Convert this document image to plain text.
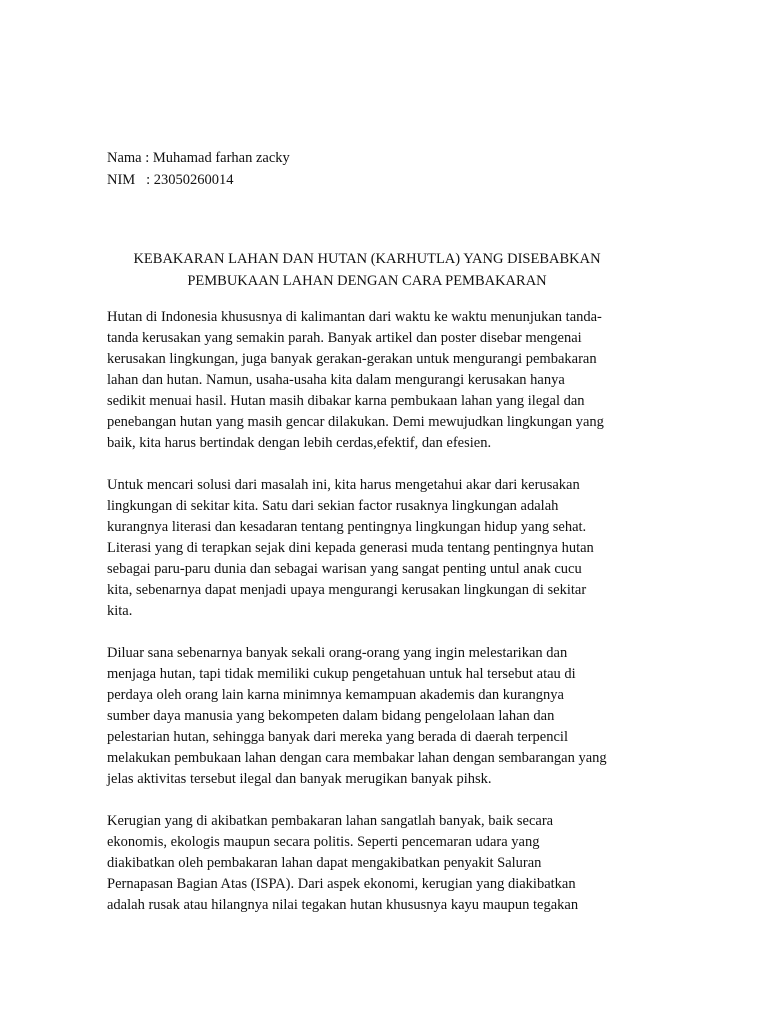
Nama : Muhamad farhan zacky
NIM   : 23050260014
KEBAKARAN LAHAN DAN HUTAN (KARHUTLA) YANG DISEBABKAN
PEMBUKAAN LAHAN DENGAN CARA PEMBAKARAN

Hutan di Indonesia khususnya di kalimantan dari waktu ke waktu menunjukan tanda-
tanda kerusakan yang semakin parah. Banyak artikel dan poster disebar mengenai
kerusakan lingkungan, juga banyak gerakan-gerakan untuk mengurangi pembakaran
lahan dan hutan. Namun, usaha-usaha kita dalam mengurangi kerusakan hanya
sedikit menuai hasil. Hutan masih dibakar karna pembukaan lahan yang ilegal dan
penebangan hutan yang masih gencar dilakukan. Demi mewujudkan lingkungan yang
baik, kita harus bertindak dengan lebih cerdas,efektif, dan efesien.

Untuk mencari solusi dari masalah ini, kita harus mengetahui akar dari kerusakan
lingkungan di sekitar kita. Satu dari sekian factor rusaknya lingkungan adalah
kurangnya literasi dan kesadaran tentang pentingnya lingkungan hidup yang sehat.
Literasi yang di terapkan sejak dini kepada generasi muda tentang pentingnya hutan
sebagai paru-paru dunia dan sebagai warisan yang sangat penting untul anak cucu
kita, sebenarnya dapat menjadi upaya mengurangi kerusakan lingkungan di sekitar
kita.

Diluar sana sebenarnya banyak sekali orang-orang yang ingin melestarikan dan
menjaga hutan, tapi tidak memiliki cukup pengetahuan untuk hal tersebut atau di
perdaya oleh orang lain karna minimnya kemampuan akademis dan kurangnya
sumber daya manusia yang bekompeten dalam bidang pengelolaan lahan dan
pelestarian hutan, sehingga banyak dari mereka yang berada di daerah terpencil
melakukan pembukaan lahan dengan cara membakar lahan dengan sembarangan yang
jelas aktivitas tersebut ilegal dan banyak merugikan banyak pihsk.

Kerugian yang di akibatkan pembakaran lahan sangatlah banyak, baik secara
ekonomis, ekologis maupun secara politis. Seperti pencemaran udara yang
diakibatkan oleh pembakaran lahan dapat mengakibatkan penyakit Saluran
Pernapasan Bagian Atas (ISPA). Dari aspek ekonomi, kerugian yang diakibatkan
adalah rusak atau hilangnya nilai tegakan hutan khususnya kayu maupun tegakan
